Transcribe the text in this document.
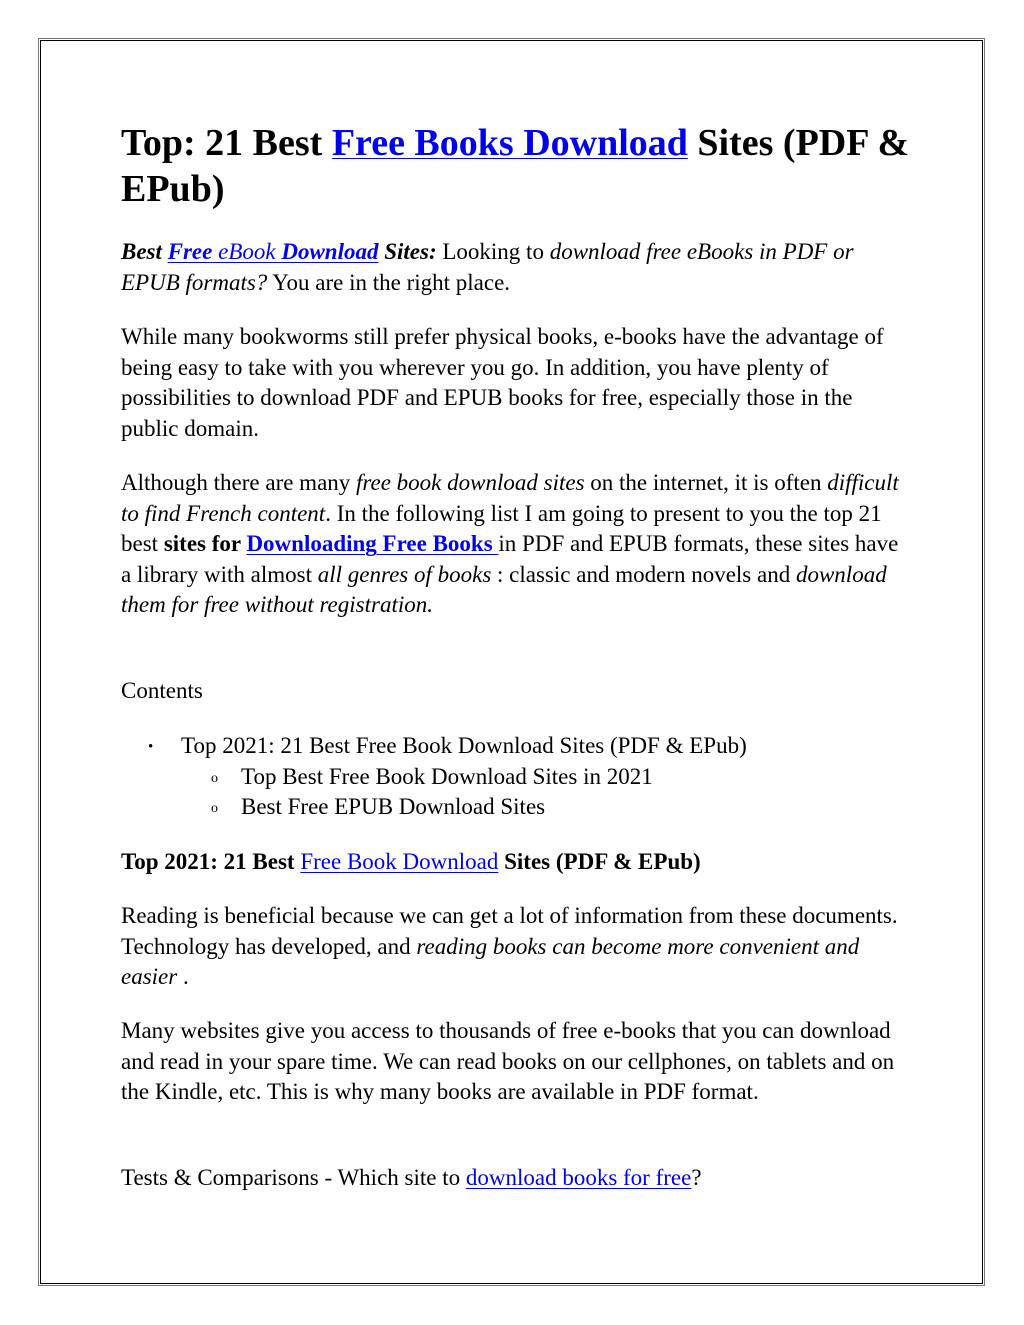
Top: 21 Best Free Books Download Sites (PDF & EPub)

Best Free eBook Download Sites: Looking to download free eBooks in PDF or EPUB formats? You are in the right place.

While many bookworms still prefer physical books, e-books have the advantage of being easy to take with you wherever you go. In addition, you have plenty of possibilities to download PDF and EPUB books for free, especially those in the public domain.

Although there are many free book download sites on the internet, it is often difficult to find French content. In the following list I am going to present to you the top 21 best sites for Downloading Free Books in PDF and EPUB formats, these sites have a library with almost all genres of books : classic and modern novels and download them for free without registration.

Contents

• Top 2021: 21 Best Free Book Download Sites (PDF & EPub)
o Top Best Free Book Download Sites in 2021
o Best Free EPUB Download Sites
Top 2021: 21 Best Free Book Download Sites (PDF & EPub)

Reading is beneficial because we can get a lot of information from these documents. Technology has developed, and reading books can become more convenient and easier .

Many websites give you access to thousands of free e-books that you can download and read in your spare time. We can read books on our cellphones, on tablets and on the Kindle, etc. This is why many books are available in PDF format.

Tests & Comparisons - Which site to download books for free?
